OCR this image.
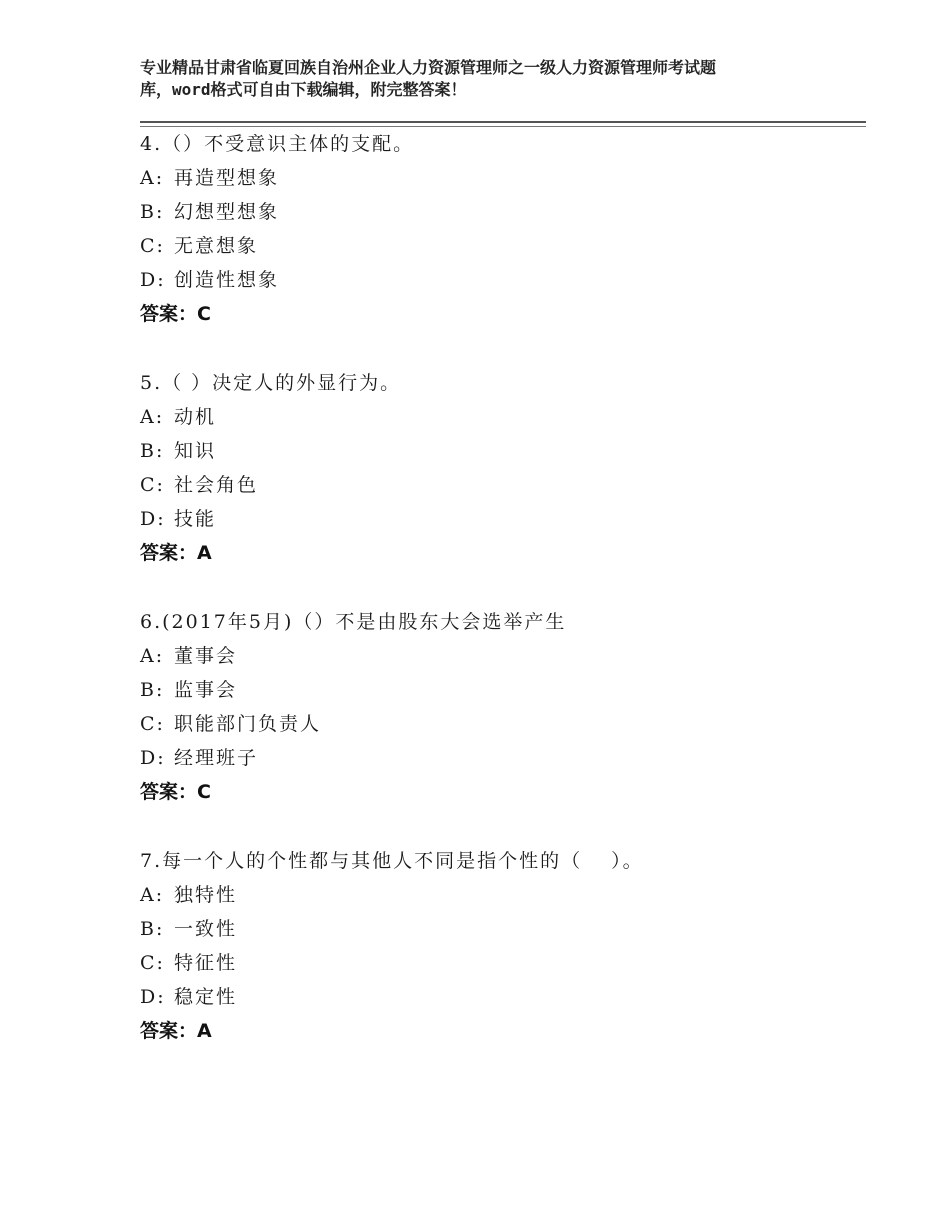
专业精品甘肃省临夏回族自治州企业人力资源管理师之一级人力资源管理师考试题
库，word格式可自由下载编辑，附完整答案！
4.（）不受意识主体的支配。
A: 再造型想象
B: 幻想型想象
C: 无意想象
D: 创造性想象
答案：C
5.（ ）决定人的外显行为。
A: 动机
B: 知识
C: 社会角色
D: 技能
答案：A
6.(2017年5月)（）不是由股东大会选举产生
A: 董事会
B: 监事会
C: 职能部门负责人
D: 经理班子
答案：C
7.每一个人的个性都与其他人不同是指个性的（　 ）。
A: 独特性
B: 一致性
C: 特征性
D: 稳定性
答案：A
